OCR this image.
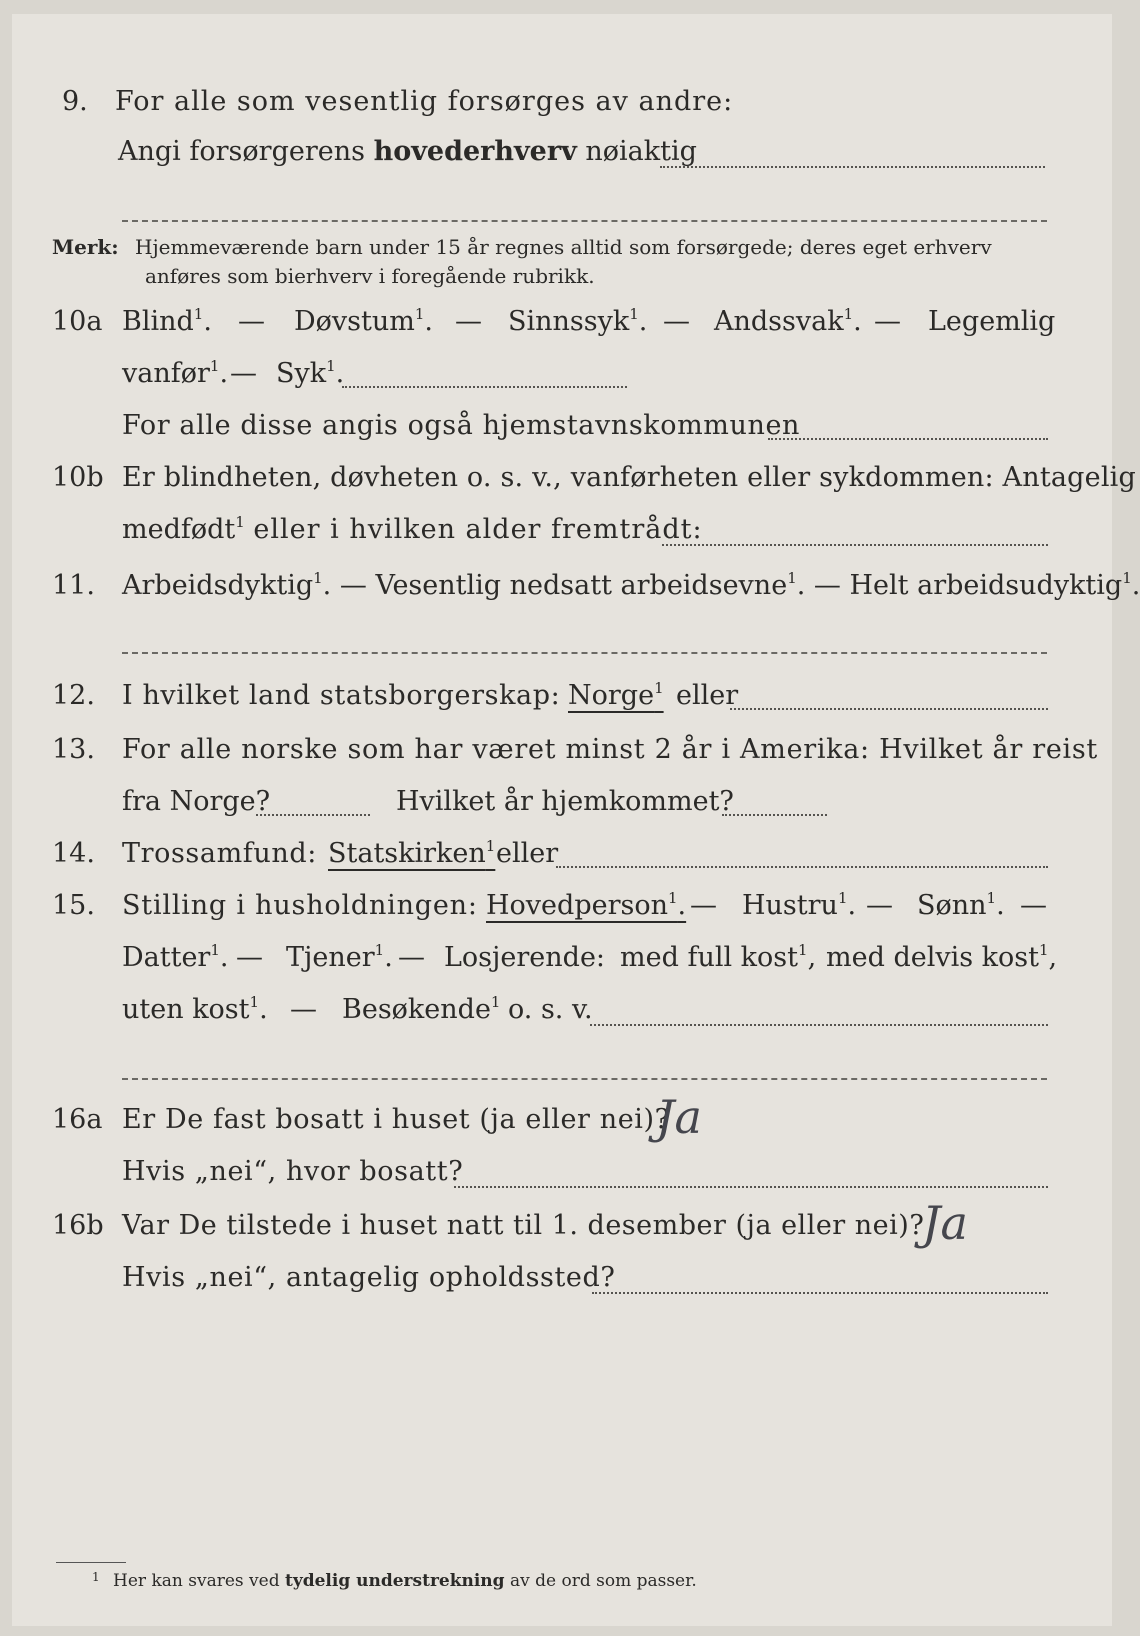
9. For alle som vesentlig forsørges av andre:
Angi forsørgerens hovederhverv nøiaktig
Merk: Hjemmeværende barn under 15 år regnes alltid som forsørgede; deres eget erhverv
anføres som bierhverv i foregående rubrikk.
10a Blind$^1$. — Døvstum$^1$. — Sinnssyk$^1$. — Andssvak$^1$. — Legemlig
vanfør$^1$. — Syk$^1$.
For alle disse angis også hjemstavnskommunen
10b Er blindheten, døvheten o. s. v., vanførheten eller sykdommen: Antagelig
medfødt$^1$ eller i hvilken alder fremtrådt:
11. Arbeidsdyktig$^1$. — Vesentlig nedsatt arbeidsevne$^1$. — Helt arbeidsudyktig$^1$.
12. I hvilket land statsborgerskap: Norge$^1$ eller
13. For alle norske som har været minst 2 år i Amerika: Hvilket år reist
fra Norge?	Hvilket år hjemkommet?
14. Trossamfund: Statskirken$^1$ eller
15. Stilling i husholdningen: Hovedperson$^1$. — Hustru$^1$. — Sønn$^1$. —
Datter$^1$. — Tjener$^1$. — Losjerende: med full kost$^1$, med delvis kost$^1$,
uten kost$^1$. — Besøkende$^1$ o. s. v.
16a Er De fast bosatt i huset (ja eller nei)?
Ja
Hvis „nei“, hvor bosatt?
16b Var De tilstede i huset natt til 1. desember (ja eller nei)?
Ja
Hvis „nei“, antagelig opholdssted?
$^1$ Her kan svares ved tydelig understrekning av de ord som passer.
